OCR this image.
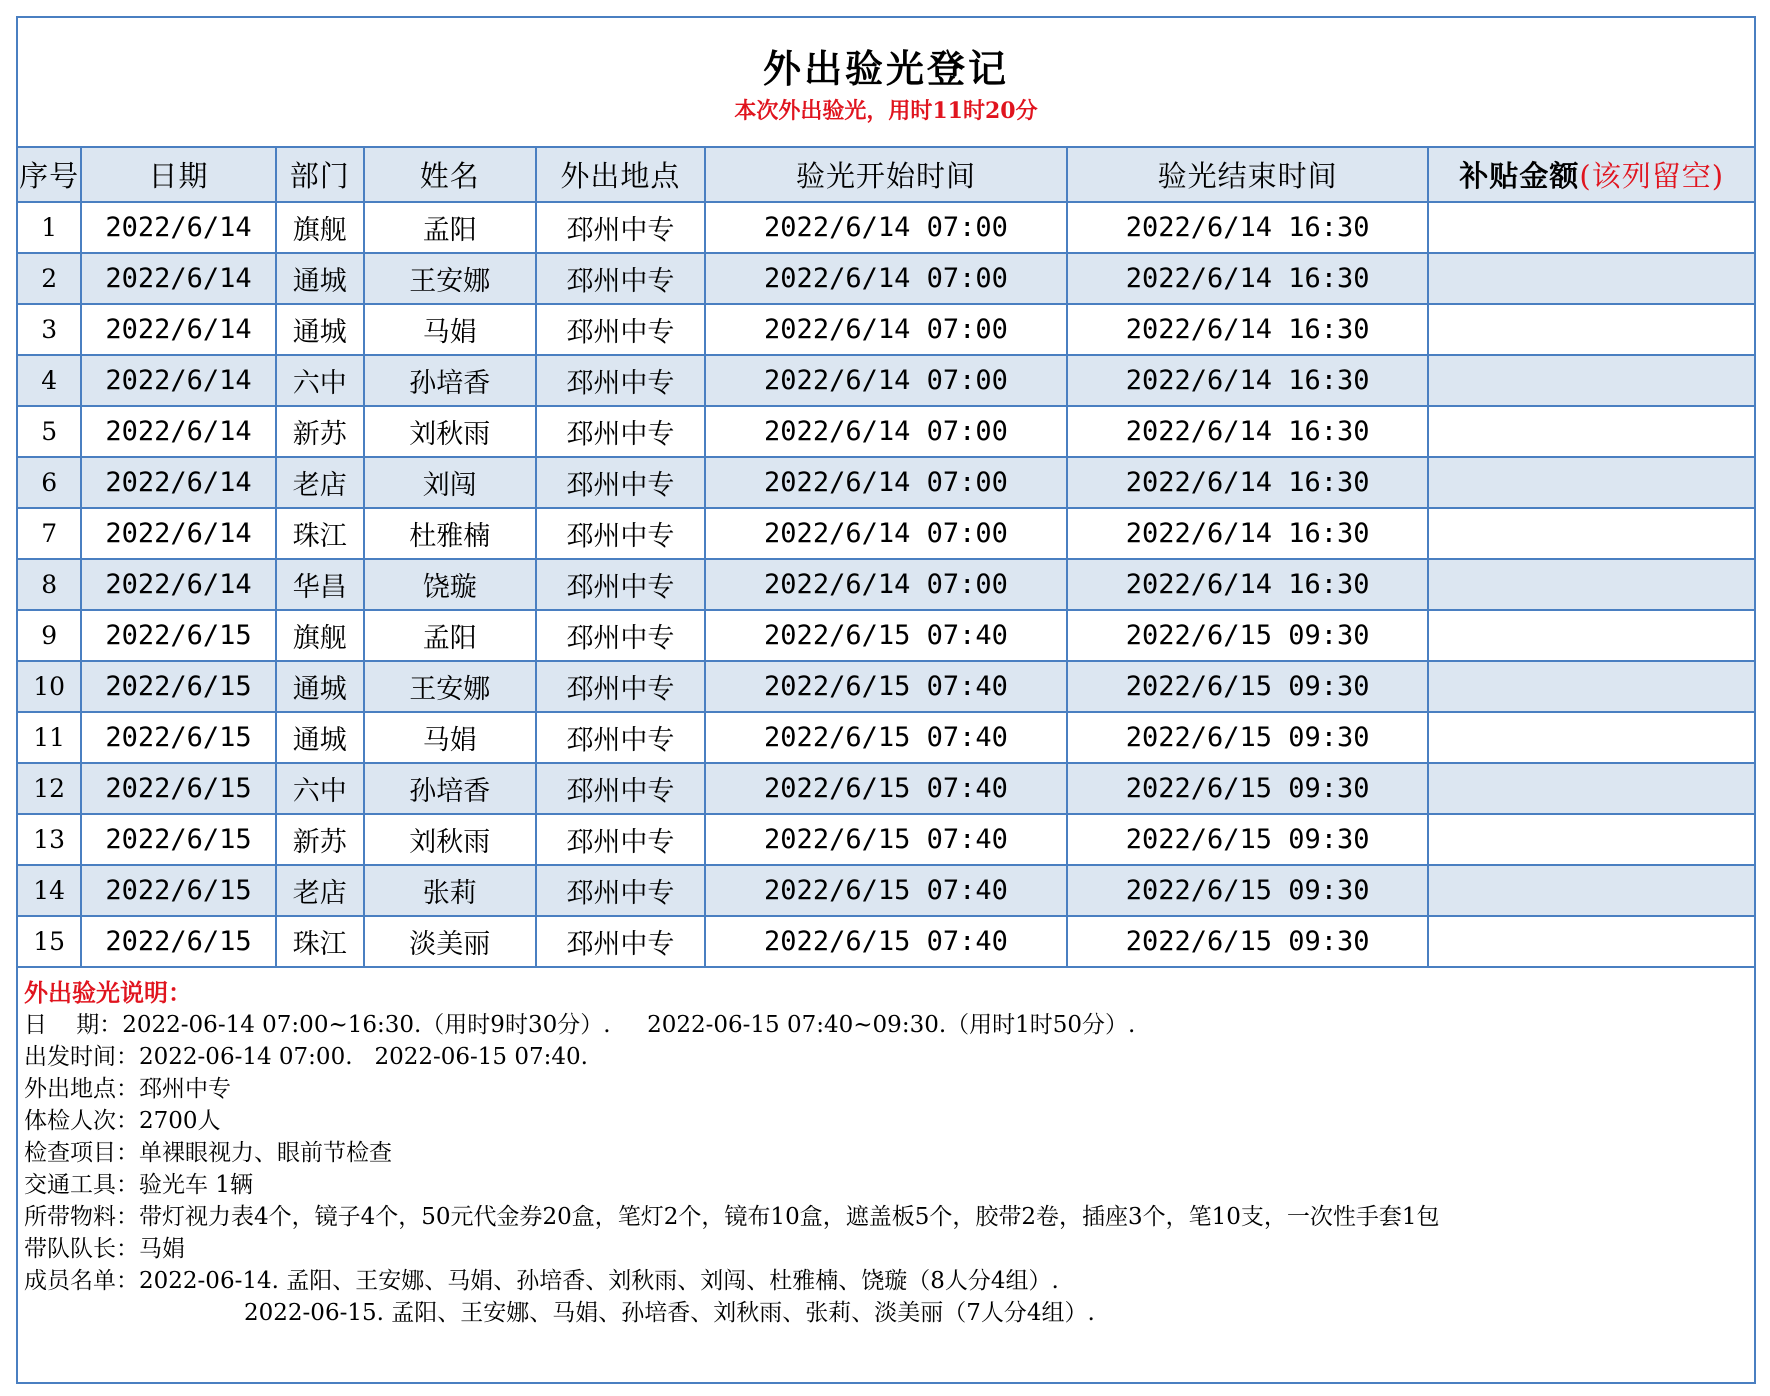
外出验光登记
本次外出验光，用时11时20分
序号	日期	部门	姓名	外出地点	验光开始时间	验光结束时间	补贴金额(该列留空)
1	2022/6/14	旗舰	孟阳	邳州中专	2022/6/14 07:00	2022/6/14 16:30	
2	2022/6/14	通城	王安娜	邳州中专	2022/6/14 07:00	2022/6/14 16:30	
3	2022/6/14	通城	马娟	邳州中专	2022/6/14 07:00	2022/6/14 16:30	
4	2022/6/14	六中	孙培香	邳州中专	2022/6/14 07:00	2022/6/14 16:30	
5	2022/6/14	新苏	刘秋雨	邳州中专	2022/6/14 07:00	2022/6/14 16:30	
6	2022/6/14	老店	刘闯	邳州中专	2022/6/14 07:00	2022/6/14 16:30	
7	2022/6/14	珠江	杜雅楠	邳州中专	2022/6/14 07:00	2022/6/14 16:30	
8	2022/6/14	华昌	饶璇	邳州中专	2022/6/14 07:00	2022/6/14 16:30	
9	2022/6/15	旗舰	孟阳	邳州中专	2022/6/15 07:40	2022/6/15 09:30	
10	2022/6/15	通城	王安娜	邳州中专	2022/6/15 07:40	2022/6/15 09:30	
11	2022/6/15	通城	马娟	邳州中专	2022/6/15 07:40	2022/6/15 09:30	
12	2022/6/15	六中	孙培香	邳州中专	2022/6/15 07:40	2022/6/15 09:30	
13	2022/6/15	新苏	刘秋雨	邳州中专	2022/6/15 07:40	2022/6/15 09:30	
14	2022/6/15	老店	张莉	邳州中专	2022/6/15 07:40	2022/6/15 09:30	
15	2022/6/15	珠江	淡美丽	邳州中专	2022/6/15 07:40	2022/6/15 09:30	
外出验光说明：
日    期：2022-06-14 07:00~16:30.（用时9时30分）.     2022-06-15 07:40~09:30.（用时1时50分）.
出发时间：2022-06-14 07:00.   2022-06-15 07:40.
外出地点：邳州中专
体检人次：2700人
检查项目：单裸眼视力、眼前节检查
交通工具：验光车 1辆
所带物料：带灯视力表4个，镜子4个，50元代金券20盒，笔灯2个，镜布10盒，遮盖板5个，胶带2卷，插座3个，笔10支，一次性手套1包
带队队长：马娟
成员名单：2022-06-14. 孟阳、王安娜、马娟、孙培香、刘秋雨、刘闯、杜雅楠、饶璇（8人分4组）.
2022-06-15. 孟阳、王安娜、马娟、孙培香、刘秋雨、张莉、淡美丽（7人分4组）.
